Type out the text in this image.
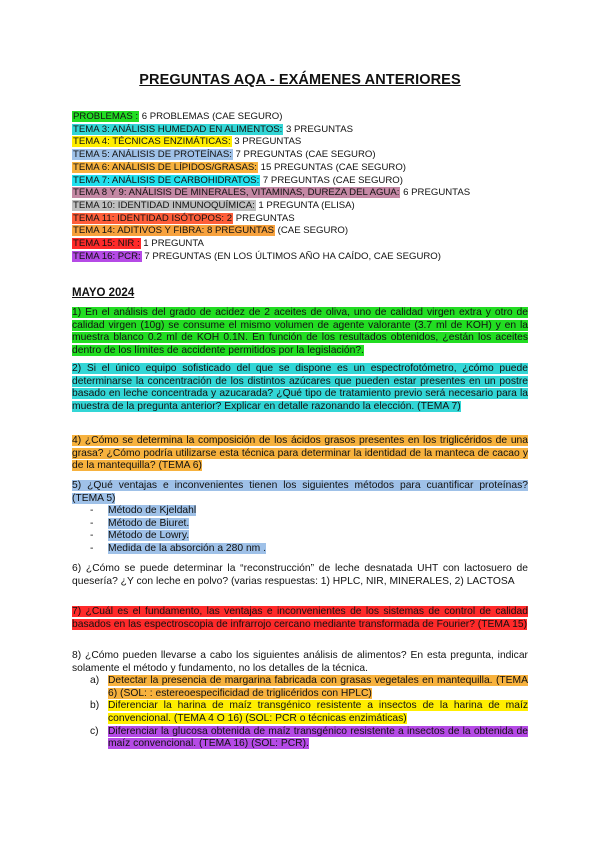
PREGUNTAS AQA - EXÁMENES ANTERIORES
PROBLEMAS : 6 PROBLEMAS (CAE SEGURO)
TEMA 3: ANÁLISIS HUMEDAD EN ALIMENTOS: 3 PREGUNTAS
TEMA 4: TÉCNICAS ENZIMÁTICAS: 3 PREGUNTAS
TEMA 5: ANÁLISIS DE PROTEÍNAS: 7 PREGUNTAS (CAE SEGURO)
TEMA 6: ANÁLISIS DE LÍPIDOS/GRASAS: 15 PREGUNTAS (CAE SEGURO)
TEMA 7: ANÁLISIS DE CARBOHIDRATOS: 7 PREGUNTAS (CAE SEGURO)
TEMA 8 Y 9: ANÁLISIS DE MINERALES, VITAMINAS, DUREZA DEL AGUA: 6 PREGUNTAS
TEMA 10: IDENTIDAD INMUNOQUÍMICA: 1 PREGUNTA (ELISA)
TEMA 11: IDENTIDAD ISÓTOPOS: 2 PREGUNTAS
TEMA 14: ADITIVOS Y FIBRA: 8 PREGUNTAS (CAE SEGURO)
TEMA 15: NIR : 1 PREGUNTA
TEMA 16: PCR: 7 PREGUNTAS (EN LOS ÚLTIMOS AÑO HA CAÍDO, CAE SEGURO)
MAYO 2024
1) En el análisis del grado de acidez de 2 aceites de oliva, uno de calidad virgen extra y otro de calidad virgen (10g) se consume el mismo volumen de agente valorante (3.7 ml de KOH) y en la muestra blanco 0.2 ml de KOH 0.1N. En función de los resultados obtenidos, ¿están los aceites dentro de los límites de accidente permitidos por la legislación?.
2) Si el único equipo sofisticado del que se dispone es un espectrofotómetro, ¿cómo puede determinarse la concentración de los distintos azúcares que pueden estar presentes en un postre basado en leche concentrada y azucarada? ¿Qué tipo de tratamiento previo será necesario para la muestra de la pregunta anterior? Explicar en detalle razonando la elección. (TEMA 7)
4) ¿Cómo se determina la composición de los ácidos grasos presentes en los triglicéridos de una grasa? ¿Cómo podría utilizarse esta técnica para determinar la identidad de la manteca de cacao y de la mantequilla? (TEMA 6)
5) ¿Qué ventajas e inconvenientes tienen los siguientes métodos para cuantificar proteínas? (TEMA 5)
- Método de Kjeldahl
- Método de Biuret.
- Método de Lowry.
- Medida de la absorción a 280 nm .
6) ¿Cómo se puede determinar la “reconstrucción” de leche desnatada UHT con lactosuero de quesería? ¿Y con leche en polvo? (varias respuestas: 1) HPLC, NIR, MINERALES, 2) LACTOSA
7) ¿Cuál es el fundamento, las ventajas e inconvenientes de los sistemas de control de calidad basados en las espectroscopia de infrarrojo cercano mediante transformada de Fourier? (TEMA 15)
8) ¿Cómo pueden llevarse a cabo los siguientes análisis de alimentos? En esta pregunta, indicar solamente el método y fundamento, no los detalles de la técnica.
a) Detectar la presencia de margarina fabricada con grasas vegetales en mantequilla. (TEMA 6) (SOL: : estereoespecificidad de triglicéridos con HPLC)
b) Diferenciar la harina de maíz transgénico resistente a insectos de la harina de maíz convencional. (TEMA 4 O 16) (SOL: PCR o técnicas enzimáticas)
c) Diferenciar la glucosa obtenida de maíz transgénico resistente a insectos de la obtenida de maíz convencional. (TEMA 16) (SOL: PCR).
